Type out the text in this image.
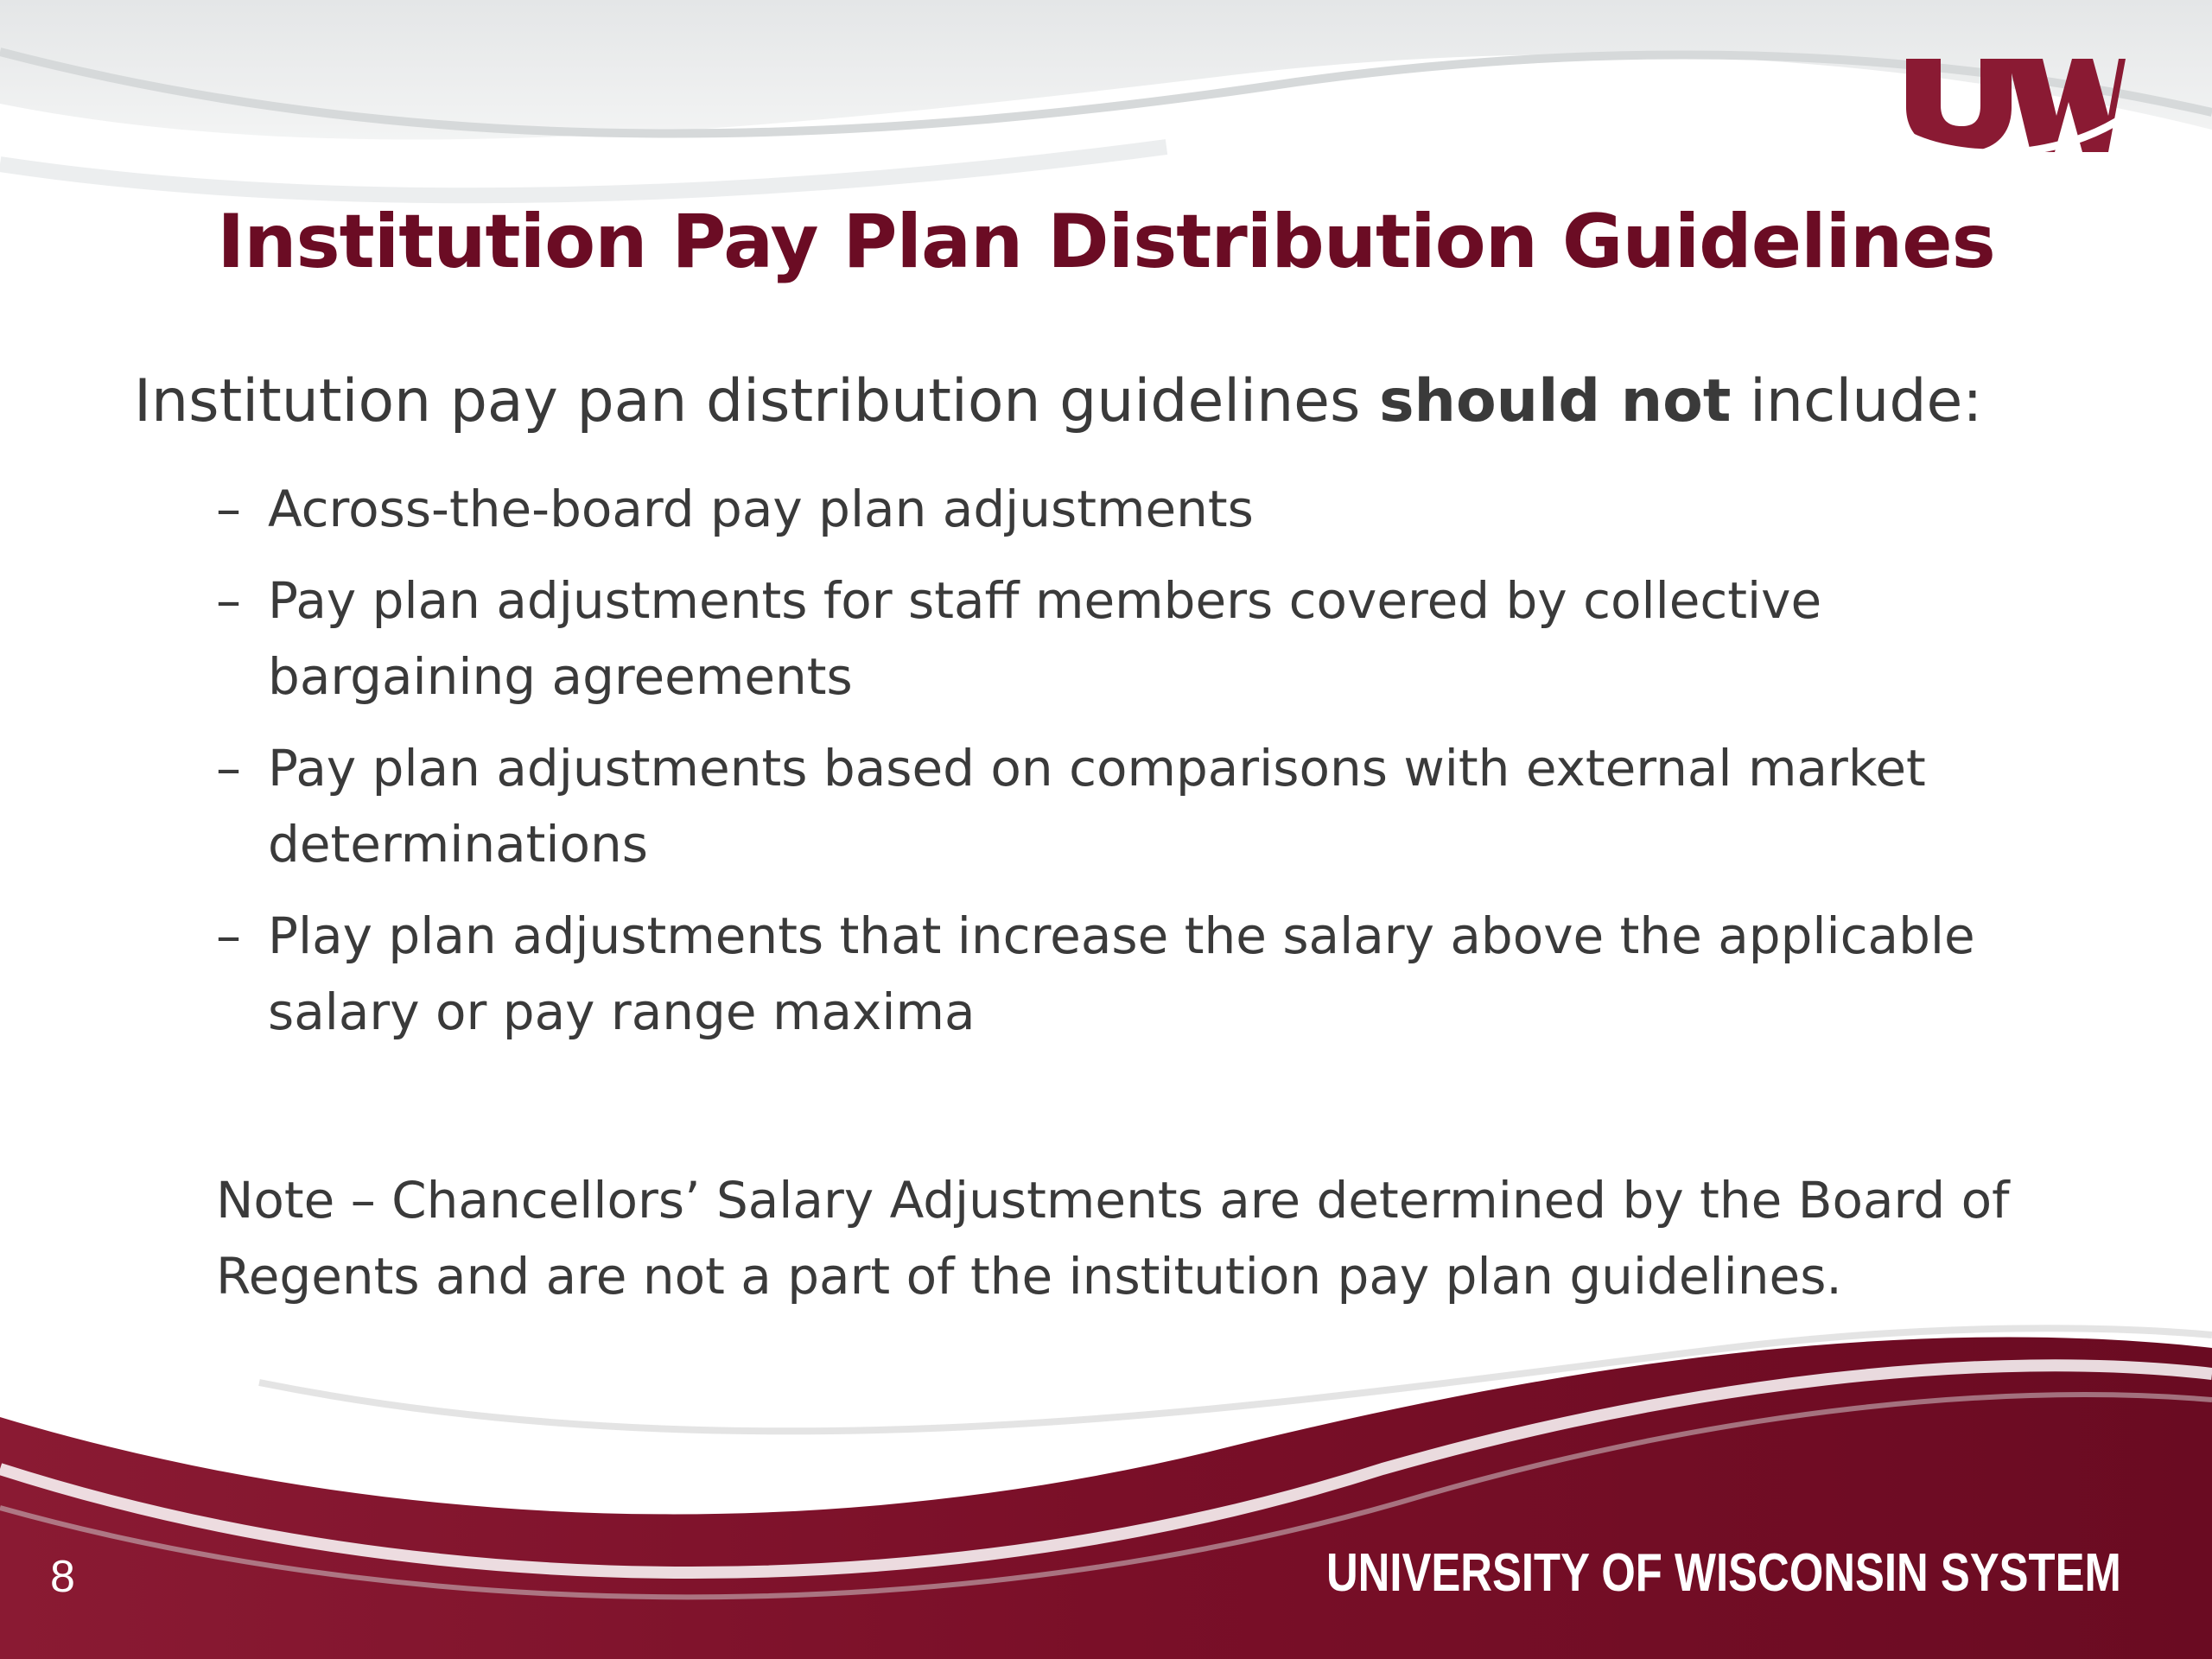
Institution Pay Plan Distribution Guidelines
Institution pay pan distribution guidelines should not include:
– Across-the-board pay plan adjustments
– Pay plan adjustments for staff members covered by collective bargaining agreements
– Pay plan adjustments based on comparisons with external market determinations
– Play plan adjustments that increase the salary above the applicable salary or pay range maxima
Note – Chancellors’ Salary Adjustments are determined by the Board of Regents and are not a part of the institution pay plan guidelines.
8	UNIVERSITY OF WISCONSIN SYSTEM
